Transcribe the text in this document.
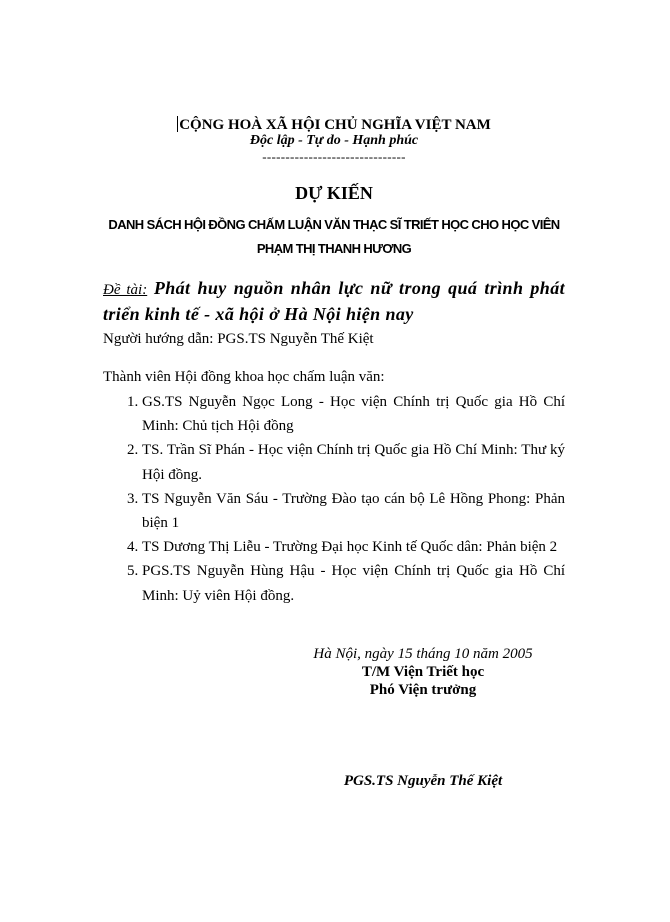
CỘNG HOÀ XÃ HỘI CHỦ NGHĨA VIỆT NAM
Độc lập - Tự do - Hạnh phúc
-------------------------------
DỰ KIẾN
DANH SÁCH HỘI ĐỒNG CHẤM LUẬN VĂN THẠC SĨ TRIẾT HỌC CHO HỌC VIÊN
PHẠM THỊ THANH HƯƠNG
Đề tài: Phát huy nguồn nhân lực nữ trong quá trình phát triển kinh tế - xã hội ở Hà Nội hiện nay
Người hướng dẫn: PGS.TS Nguyễn Thế Kiệt
Thành viên Hội đồng khoa học chấm luận văn:
1. GS.TS Nguyễn Ngọc Long - Học viện Chính trị Quốc gia Hồ Chí Minh: Chủ tịch Hội đồng
2. TS. Trần Sĩ Phán - Học viện Chính trị Quốc gia Hồ Chí Minh: Thư ký Hội đồng.
3. TS Nguyễn Văn Sáu - Trường Đào tạo cán bộ Lê Hồng Phong: Phản biện 1
4. TS Dương Thị Liễu - Trường Đại học Kinh tế Quốc dân: Phản biện 2
5. PGS.TS Nguyễn Hùng Hậu - Học viện Chính trị Quốc gia Hồ Chí Minh: Uỷ viên Hội đồng.
Hà Nội, ngày 15 tháng 10 năm 2005
T/M Viện Triết học
Phó Viện trưởng
PGS.TS Nguyễn Thế Kiệt
